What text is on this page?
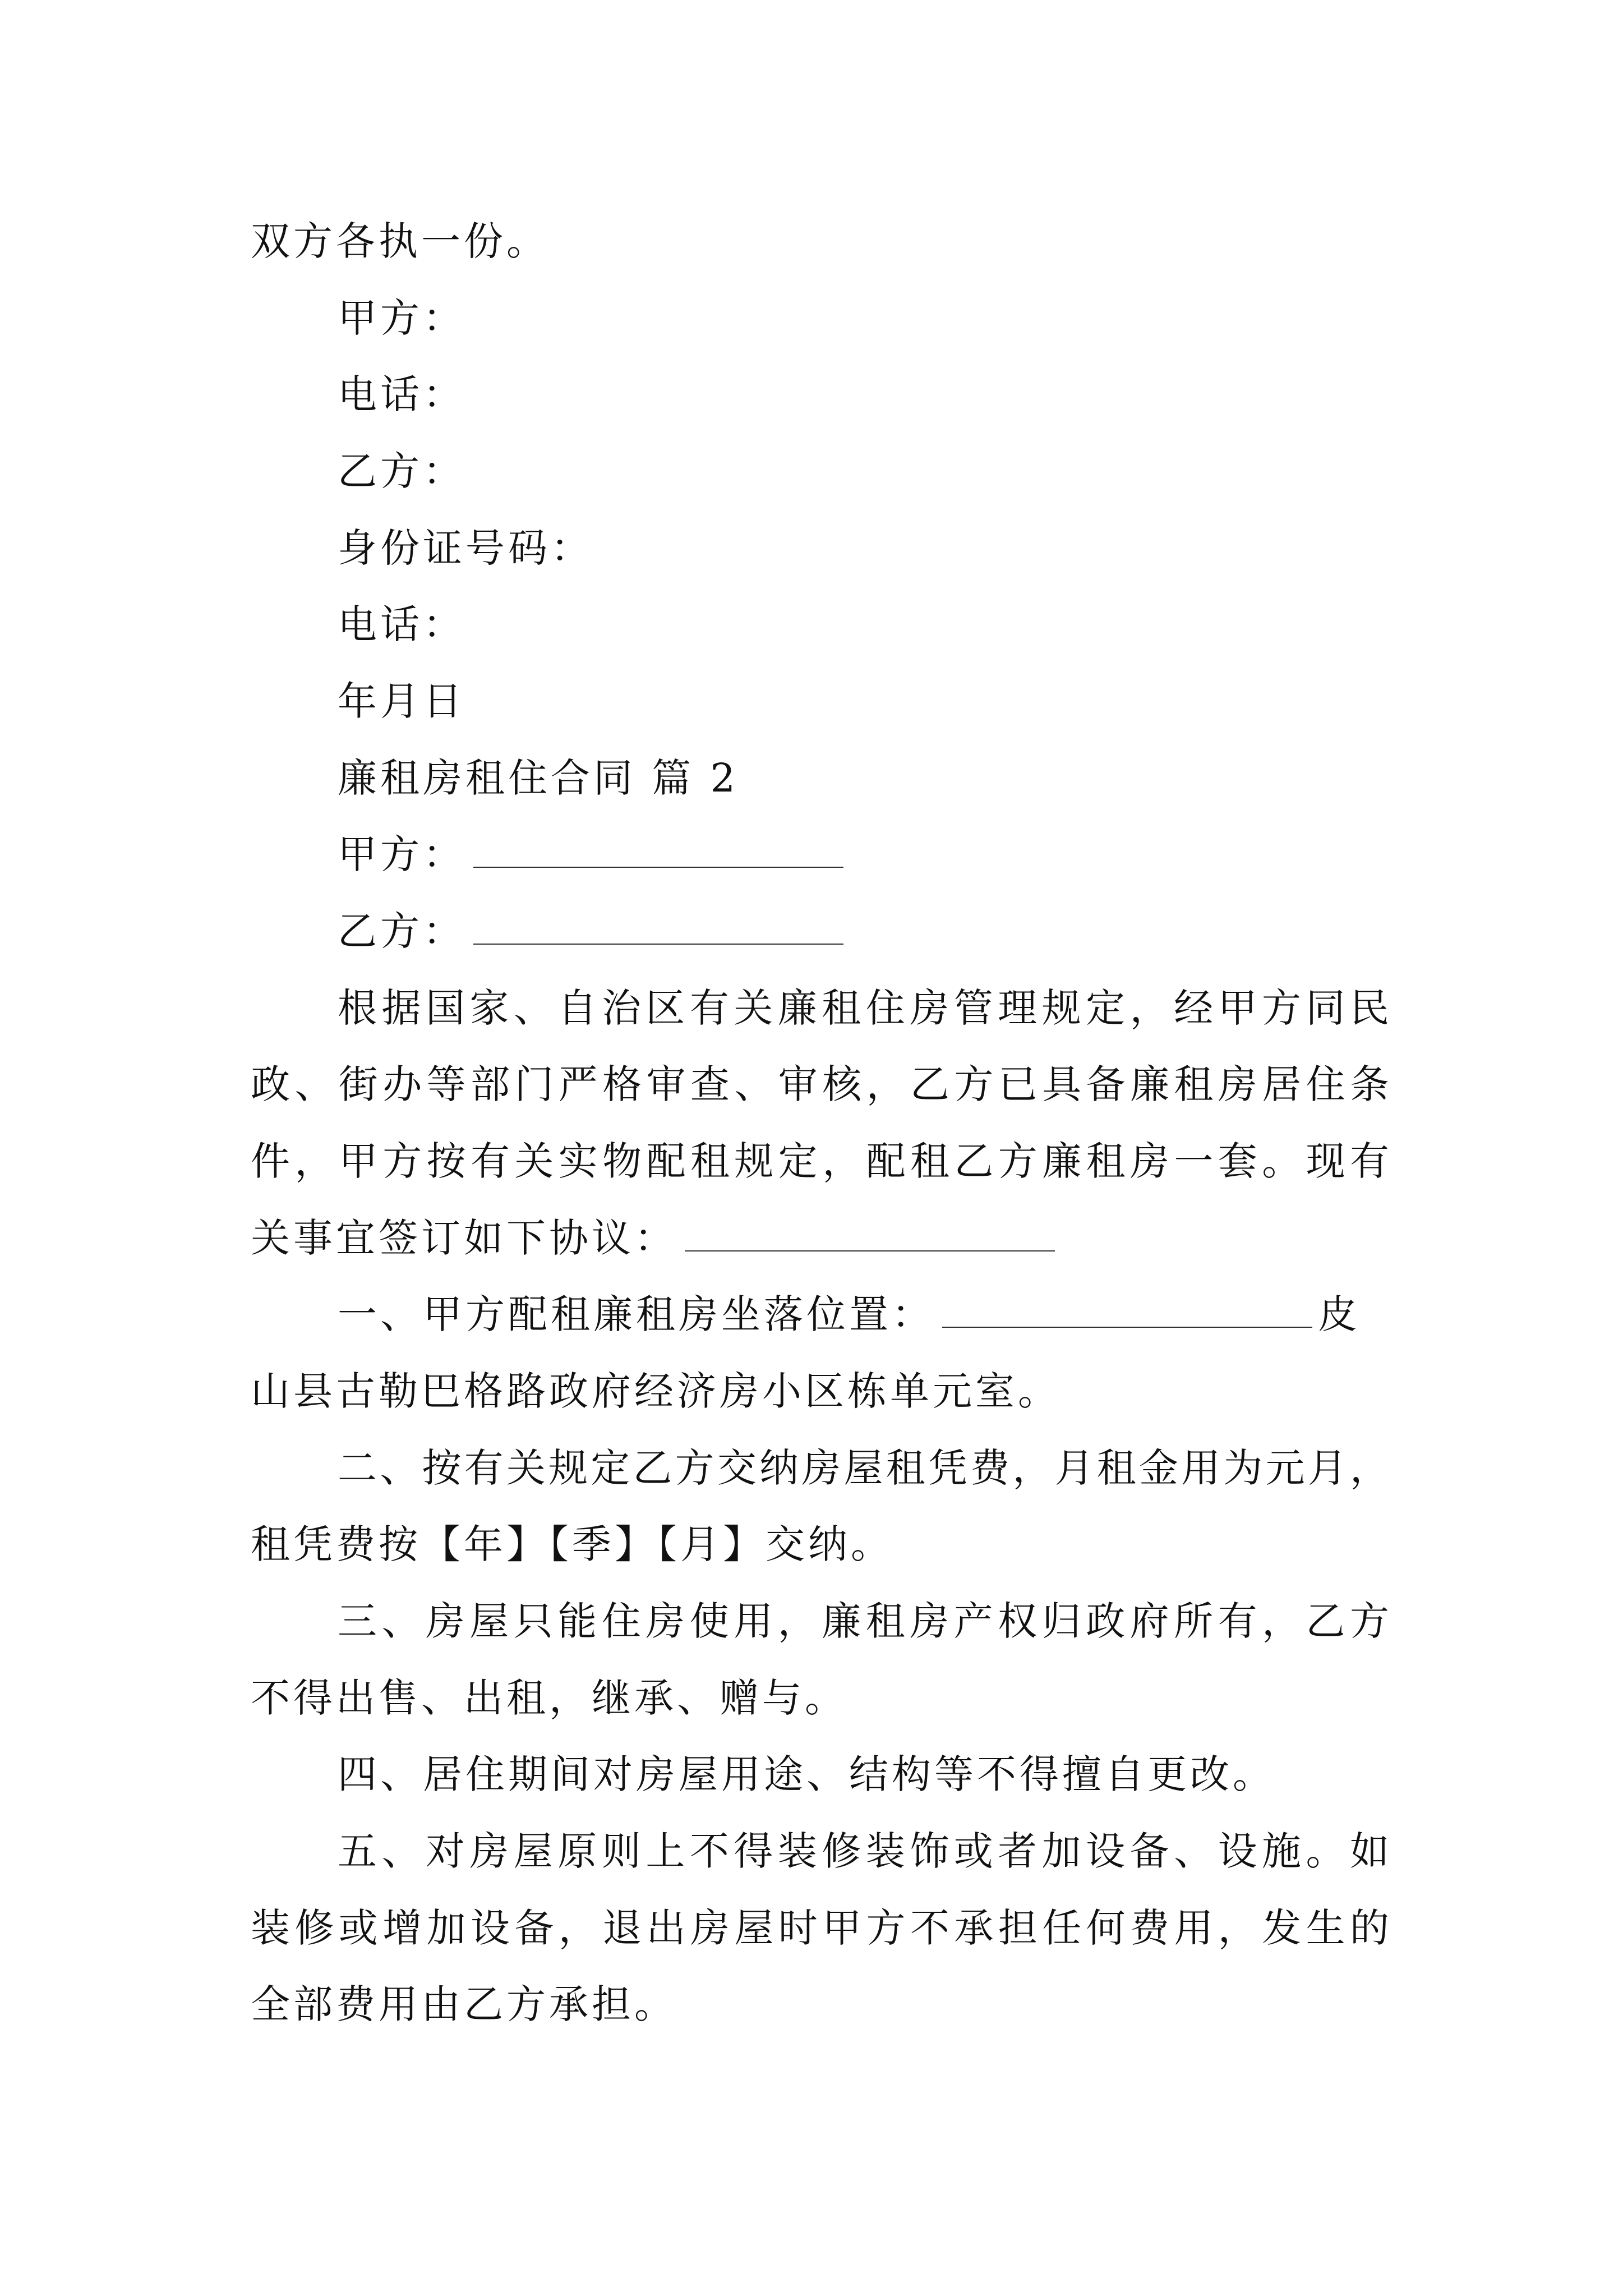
双方各执一份。
甲方：
电话：
乙方：
身份证号码：
电话：
年月日
廉租房租住合同 篇 2
甲方：
乙方：
根据国家、自治区有关廉租住房管理规定，经甲方同民
政、街办等部门严格审查、审核，乙方已具备廉租房居住条
件，甲方按有关实物配租规定，配租乙方廉租房一套。现有
关事宜签订如下协议：
一、甲方配租廉租房坐落位置：	皮
山县古勒巴格路政府经济房小区栋单元室。
二、按有关规定乙方交纳房屋租凭费，月租金用为元月，
租凭费按【年】【季】【月】交纳。
三、房屋只能住房使用，廉租房产权归政府所有，乙方
不得出售、出租，继承、赠与。
四、居住期间对房屋用途、结构等不得擅自更改。
五、对房屋原则上不得装修装饰或者加设备、设施。如
装修或增加设备，退出房屋时甲方不承担任何费用，发生的
全部费用由乙方承担。
